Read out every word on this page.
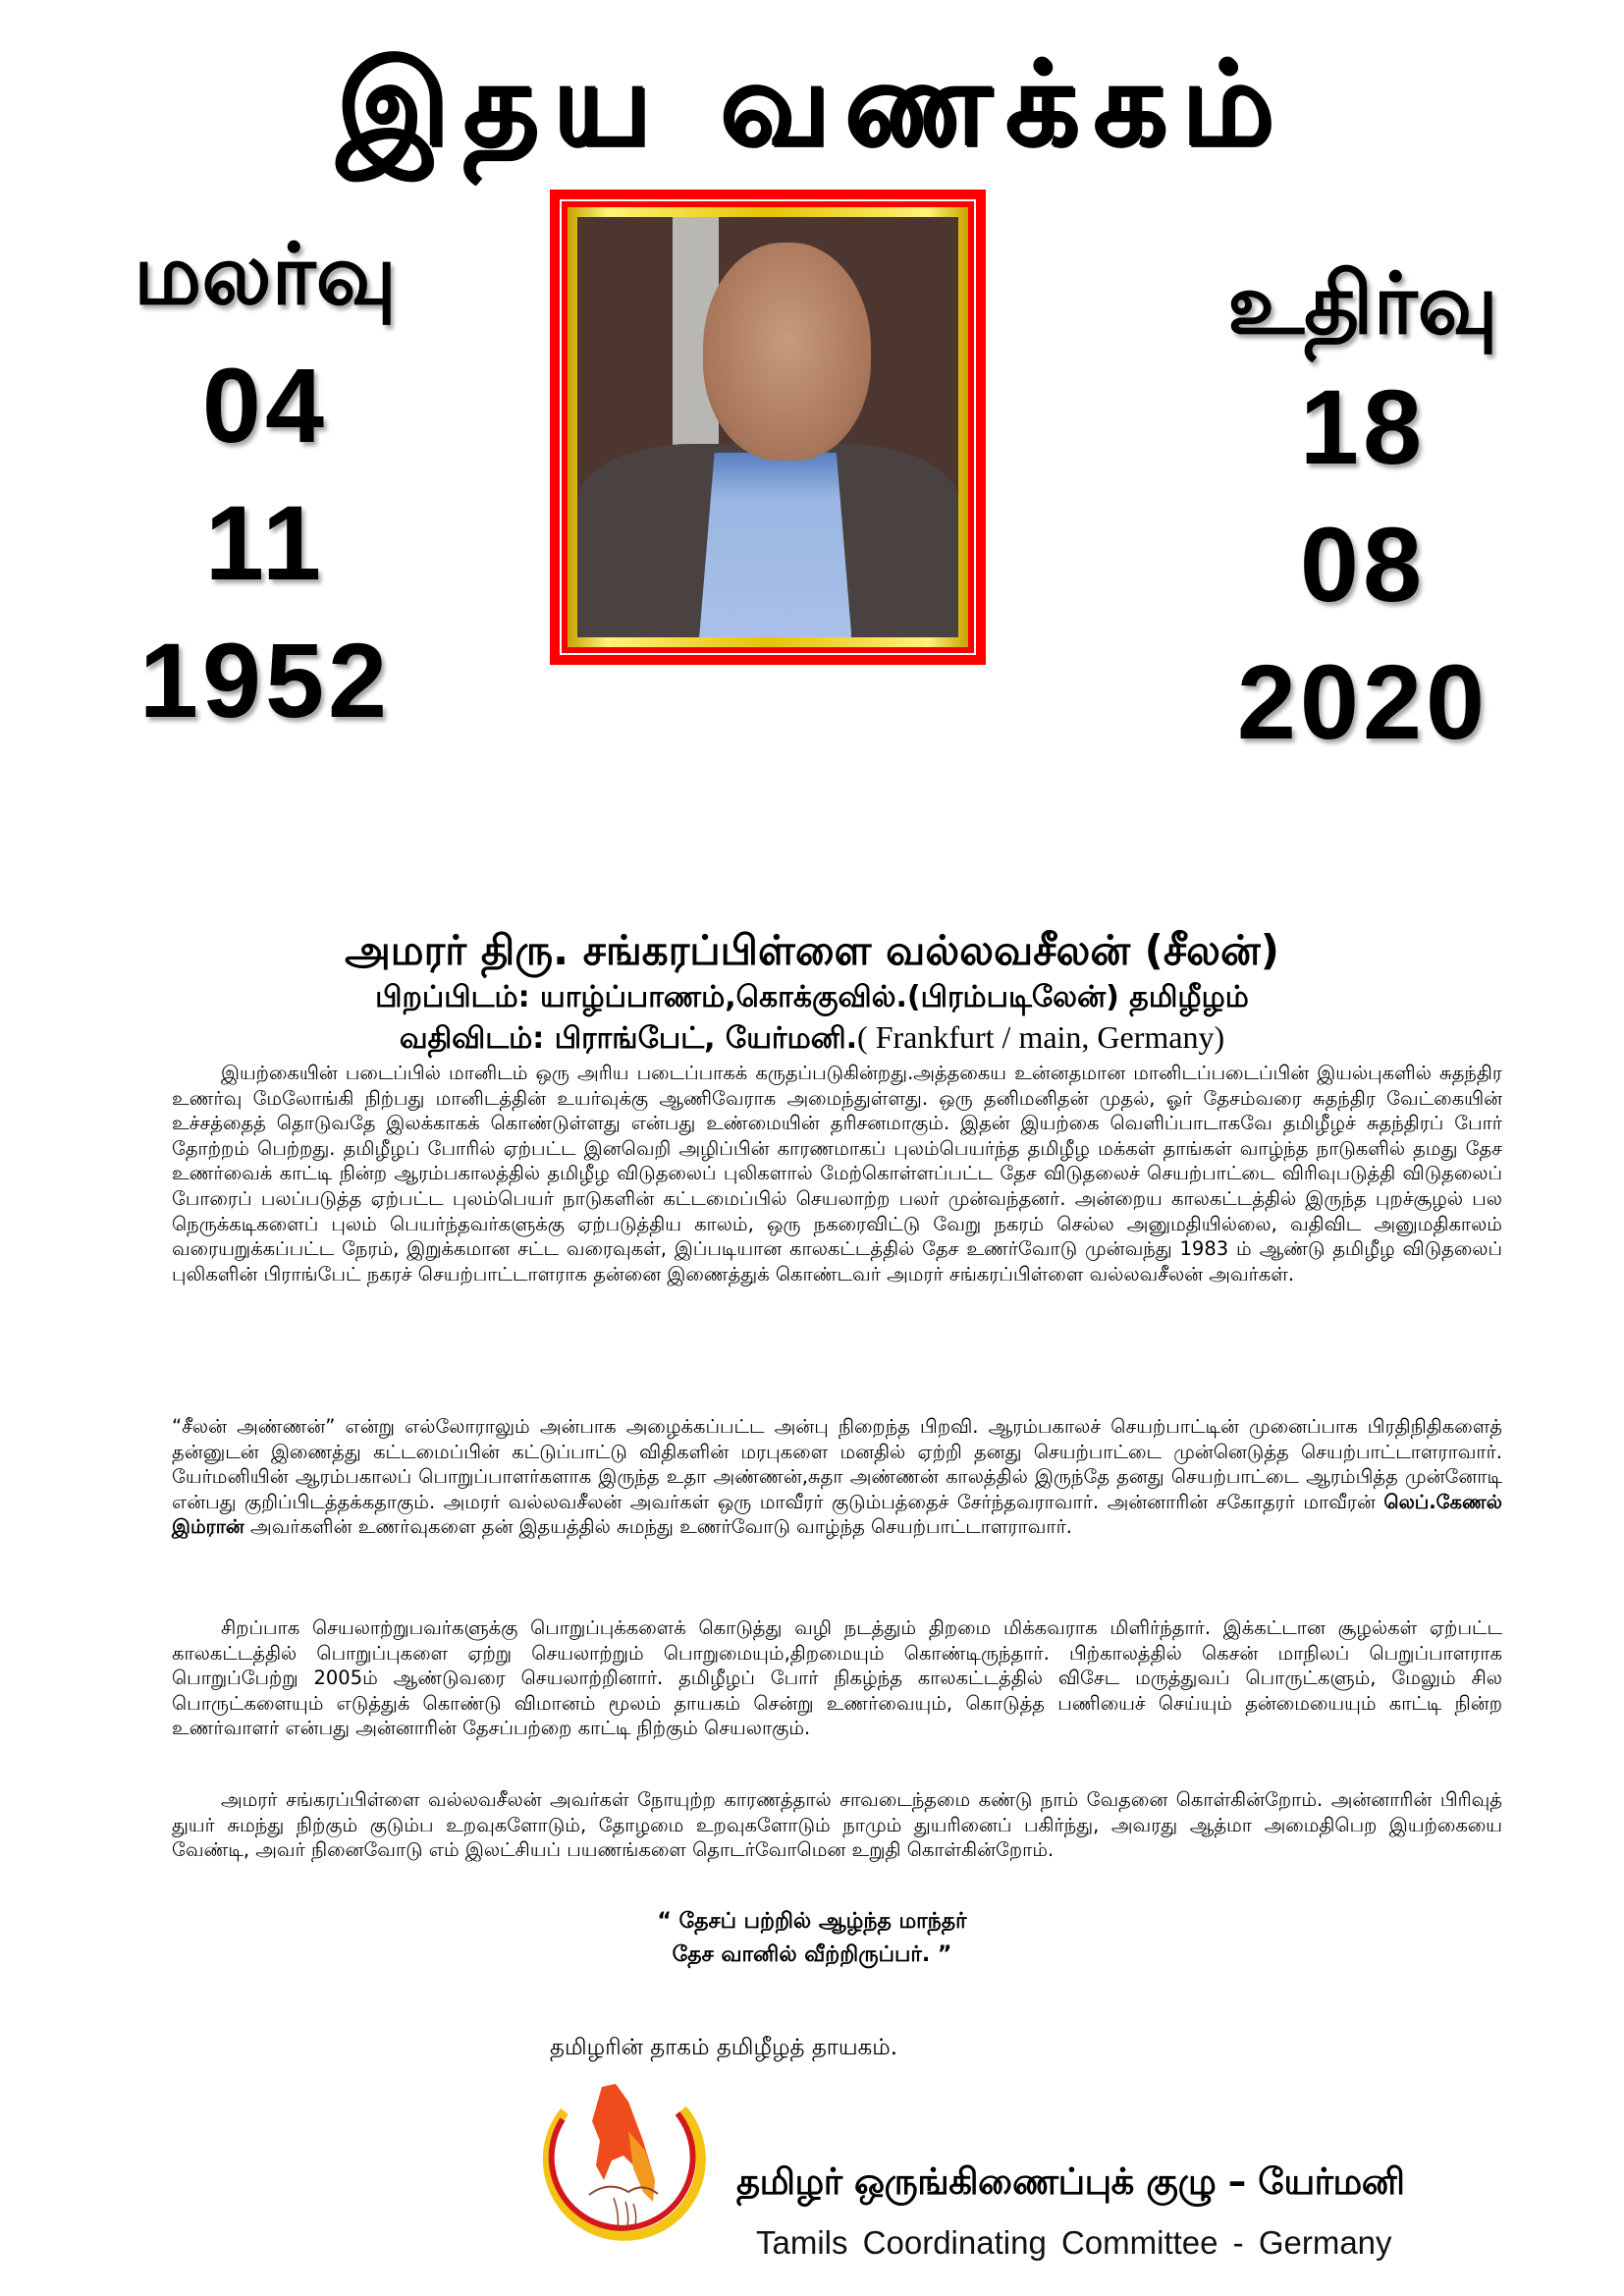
இதய வணக்கம்
மலர்வு
04
11
1952
உதிர்வு
18
08
2020
அமரர் திரு. சங்கரப்பிள்ளை வல்லவசீலன் (சீலன்)
பிறப்பிடம்: யாழ்ப்பாணம்,கொக்குவில்.(பிரம்படிலேன்) தமிழீழம்
வதிவிடம்: பிராங்பேட், யேர்மனி.( Frankfurt / main, Germany)

இயற்கையின் படைப்பில் மானிடம் ஒரு அரிய படைப்பாகக் கருதப்படுகின்றது.அத்தகைய உன்னதமான மானிடப்படைப்பின் இயல்புகளில் சுதந்திர உணர்வு மேலோங்கி நிற்பது மானிடத்தின் உயர்வுக்கு ஆணிவேராக அமைந்துள்ளது. ஒரு தனிமனிதன் முதல், ஓர் தேசம்வரை சுதந்திர வேட்கையின் உச்சத்தைத் தொடுவதே இலக்காகக் கொண்டுள்ளது என்பது உண்மையின் தரிசனமாகும். இதன் இயற்கை வெளிப்பாடாகவே தமிழீழச் சுதந்திரப் போர் தோற்றம் பெற்றது. தமிழீழப் போரில் ஏற்பட்ட இனவெறி அழிப்பின் காரணமாகப் புலம்பெயர்ந்த தமிழீழ மக்கள் தாங்கள் வாழ்ந்த நாடுகளில் தமது தேச உணர்வைக் காட்டி நின்ற ஆரம்பகாலத்தில் தமிழீழ விடுதலைப் புலிகளால் மேற்கொள்ளப்பட்ட தேச விடுதலைச் செயற்பாட்டை விரிவுபடுத்தி விடுதலைப் போரைப் பலப்படுத்த ஏற்பட்ட புலம்பெயர் நாடுகளின் கட்டமைப்பில் செயலாற்ற பலர் முன்வந்தனர். அன்றைய காலகட்டத்தில் இருந்த புறச்சூழல் பல நெருக்கடிகளைப் புலம் பெயர்ந்தவர்களுக்கு ஏற்படுத்திய காலம், ஒரு நகரைவிட்டு வேறு நகரம் செல்ல அனுமதியில்லை, வதிவிட அனுமதிகாலம் வரையறுக்கப்பட்ட நேரம், இறுக்கமான சட்ட வரைவுகள், இப்படியான காலகட்டத்தில் தேச உணர்வோடு முன்வந்து 1983 ம் ஆண்டு தமிழீழ விடுதலைப் புலிகளின் பிராங்பேட் நகரச் செயற்பாட்டாளராக தன்னை இணைத்துக் கொண்டவர் அமரர் சங்கரப்பிள்ளை வல்லவசீலன் அவர்கள்.

“சீலன் அண்ணன்” என்று எல்லோராலும் அன்பாக அழைக்கப்பட்ட அன்பு நிறைந்த பிறவி. ஆரம்பகாலச் செயற்பாட்டின் முனைப்பாக பிரதிநிதிகளைத் தன்னுடன் இணைத்து கட்டமைப்பின் கட்டுப்பாட்டு விதிகளின் மரபுகளை மனதில் ஏற்றி தனது செயற்பாட்டை முன்னெடுத்த செயற்பாட்டாளராவார். யேர்மனியின் ஆரம்பகாலப் பொறுப்பாளர்களாக இருந்த உதா அண்ணன்,சுதா அண்ணன் காலத்தில் இருந்தே தனது செயற்பாட்டை ஆரம்பித்த முன்னோடி என்பது குறிப்பிடத்தக்கதாகும். அமரர் வல்லவசீலன் அவர்கள் ஒரு மாவீரர் குடும்பத்தைச் சேர்ந்தவராவார். அன்னாரின் சகோதரர் மாவீரன் லெப்.கேணல் இம்ரான் அவர்களின் உணர்வுகளை தன் இதயத்தில் சுமந்து உணர்வோடு வாழ்ந்த செயற்பாட்டாளராவார்.

சிறப்பாக செயலாற்றுபவர்களுக்கு பொறுப்புக்களைக் கொடுத்து வழி நடத்தும் திறமை மிக்கவராக மிளிர்ந்தார். இக்கட்டான சூழல்கள் ஏற்பட்ட காலகட்டத்தில் பொறுப்புகளை ஏற்று செயலாற்றும் பொறுமையும்,திறமையும் கொண்டிருந்தார். பிற்காலத்தில் கெசன் மாநிலப் பெறுப்பாளராக பொறுப்பேற்று 2005ம் ஆண்டுவரை செயலாற்றினார். தமிழீழப் போர் நிகழ்ந்த காலகட்டத்தில் விசேட மருத்துவப் பொருட்களும், மேலும் சில பொருட்களையும் எடுத்துக் கொண்டு விமானம் மூலம் தாயகம் சென்று உணர்வையும், கொடுத்த பணியைச் செய்யும் தன்மையையும் காட்டி நின்ற உணர்வாளர் என்பது அன்னாரின் தேசப்பற்றை காட்டி நிற்கும் செயலாகும்.

அமரர் சங்கரப்பிள்ளை வல்லவசீலன் அவர்கள் நோயுற்ற காரணத்தால் சாவடைந்தமை கண்டு நாம் வேதனை கொள்கின்றோம். அன்னாரின் பிரிவுத் துயர் சுமந்து நிற்கும் குடும்ப உறவுகளோடும், தோழமை உறவுகளோடும் நாமும் துயரினைப் பகிர்ந்து, அவரது ஆத்மா அமைதிபெற இயற்கையை வேண்டி, அவர் நினைவோடு எம் இலட்சியப் பயணங்களை தொடர்வோமென உறுதி கொள்கின்றோம்.

“ தேசப் பற்றில் ஆழ்ந்த மாந்தர்
தேச வானில் வீற்றிருப்பர். ”
தமிழரின் தாகம் தமிழீழத் தாயகம்.
தமிழர் ஒருங்கிணைப்புக் குழு – யேர்மனி
Tamils Coordinating Committee - Germany
